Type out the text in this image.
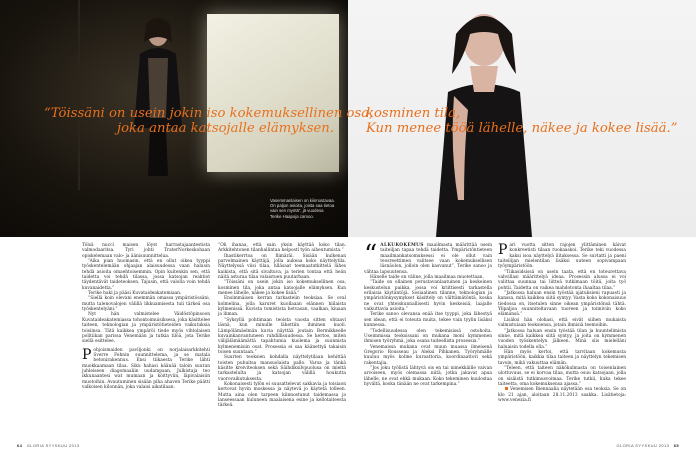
“Töissäni on usein jokin iso kokemuksellinen osa,

joka antaa katsojalle elämyksen.
kosminen tila,
Kun menee tööä lähelle, näkee ja kokee lisää.”
Vasemmanlaisen on kiinnostavaa. On paljon asioita, joista saa tietoa vain sen myötä”, jä vuodesa Terike Haapoja camoo.

Tölsä nucci maisen löyst harrastajaantestista valmodaaritsa. Tyri johti TraterNorkeskohaan opiskelemaan valo- ja äänisuunnittelua.

“Aika pian huomasin, että en ollut oikea tyyppi työskentelemään ohjaajan alaisuudessa vaan halusin tehdä asioita omaehtoisemmin. Opin kuitenkin sen, että taidetta voi tehdä tilassa, jossa katsojan reaktiot täydentävät taideteoksen. Tajusin, että valolla voin tehdä kuvanaidetta.”

Terike haki ja pääsi Kuvataideakatemiaan.

“Siellä koin olevani enemmän omassa ympäristössäni, mutta talenovalojen välillä likkuamisesta tuli tärkeä osa työskentelyäni.”

Nyt hän valmistelee Väidöstöpinsoon Kuvataideakatemiassa tohontoimuisiksesa, joka käsittelee taiteen, teknologian ja ympäristötieteiden vaikutuksia toisiinsa. Tätä kaikkea ympäröi tiede myös vihtolaisen politiikan parissa Venemään ja tutkia tilöä, jota Terike siellä esittelee.

Pohjoismaiden paviljonki on norjalaisarkkitehti Sverre Fehnin suunnittelema, ja se matala betonirakennus. Ensi tiikaesta Terike lähti muokkaamaan tilaa. Siku hahasi käänää taloin suuran juhleiseen diagomaaliin uudampaan, Julkistaja teo ikkunaantesi wat mumaan ja köittyviin, läpivalaisiin muotoihin. Avautuminen sisään piha ahaven Terike päätti valkoisen kilonnän, joka valaisi aikatilaan.

“Oli ihanaa, että sain yksin käyttää koko tilan. Arkkitehtonen tilanhallintaa helposti työn aiheutumista.”

Ihastikerrtoa on fiimäräi. Sisään kulkenan parvelmainen käyttäjä, jolla aukeaa koko näyttelytila. Näyttelyssä viisi tilaa, hlläsaat teemaatutkittelä lähes kaikista, että sitä sivaltuva, ja terien tontaa että heän näitä asturaa tilaa valaistuen puutarhaan.

“Töissäni on usein jokin iso kokemuksellinen osa, kosminen tila, joka antaa katsojalle elämyksen. Kun menee lähelle, näkee ja kokee lisää.”

Ensimmäisen kerran tarkasteiin teoksiaa. Se oval kolmelina, jolla karuret kuollaaan elännen hiilaista kylmenissä. Kuvista tomistista hetvasan, vaalkan, kiuaan ja ihman.

“Syksyllä pohtimaan teoista vaosta sitten ohtaavi läsnä, kun minulle lähettiin ihminen kuoli. Lämpölämäelmän kuvia näyttää joutain Bermikkeelle kuvainkanvantuneen ruhdillisuudessa. Se kertoo, miten välijälämäämättä tapahtumia kuolema ja suunnista kylmenemisiin osat. Prosessia ei saa käänettyä takaisin toisen suuntaan.”

Suurten teoksien kohdalla näyttelytilaan kehittää toisten puhuitsa mansuolaista pallo. Varsa ja tänkä käsitte kreiviteoksen sekä Säihdiksilvpuolusa on mieltä tarkastelulta ja katsojan välillä houkutta vuorovaikutuksesta.

Kokonaisesti tylön ei suusattelevat sakkavia ja toisiaon kertovat hyvin moskessa ja näytevä jo käytetä tolleen. Mutta aina olen tarpeen kiinnostunut taidemassa ja lanseessaan kuluneen maalaisena esine ja kellotaiteesta tärkeä.

“ ALKUKOKEMUS maailmasta määrittää usein taiteiljan tapaa tehdä taidetta. Ympäristöntieteen maailmankatsomuksessi ei ole ollut vain teosreettimen valitsee vaan kokemuksellisen läsnäolon, jolloin olen kasvanut”, Terike sanoo ja vähtaa lapsuutensa.

Hänelle taide on väline, jolla maailmaa muotettaan.

“Taide on ollainen perustavanlaatuinen ja keskeinen keskustelun paikka, jossa voi kriittisesti tarkastella erilaisia käytäntöjä. Sosiaalinen tilanne, teknologian ja ympäristönkysymykset käsittely on välttämätöntä, koska ne ovat yhteiskunnallisesti hyvin keskeisiä, laajalle vaikuttavia asioita.”

Terike sanoo olevansa enää itse tyyppi, joka lähestyä sen idean, että ei toteuta muita, tekee vain tyylin lisäksi kunnessa.

“Todellisuudessa olen tekemisissä ostohoita. Useimmissa teoksissani on mukana moni kymmenen ihmisen työryhmä, joka osana taiteellista prosessia.”

Venemaissa mukana ovat muun muassa ilmeisenä Gregorio Rousseau ja Aleksi Pihkanen. Työryhmälle kuuluu myös kolme kuraattoria, koordinaattori sekä rakentajia.

“Jos joku työlistä lähtyvä ois en tai nimekkäille vaivan arvoiseen, myös olemassa niitä, jotka jakavat apua lähelle, ne ovat ehkä mukaan. Koko tekeminen kuulostaa hyvältä, koska tänään ne ovat tarkempina.”

Pari vuotta sitten rajojen ylittäminen käivat konkreetisti tilaan ruokaaskoi. Terike teki vuodessa kaksi isoa näyttelyä ilitaksessa. Se suvtatti ja paeni taiteilijan mielentilan lisäksi uuteen sopivampaan työympäristöön.

“Tiikasidsissä on usein taata, että en toteurettava vahvillasi määrittelyä ideaa. Prosessin alussa ei voi valittaa suunnaa tai liitteä tutkimaan töitä, joita työ pohtii. Taidetta on vaikea mahdotonta ihaaltaa tilaa.”

“Jatkossa haluan ensin työstää ajatuksieni rapuasti ja kanssa, mitä kaikkea siitä syntyy. Vasta koko kokonaisuus tiedossa on, itsetulen sinne oikean ympäristönsä tähtä. Ylipaljoa suunniteltavaan tuoreen ja toimiviin koko elämänsä.”

Lisäksi hän olohasi, että eivät siihen mukaista valmistuiaan teoksiensa, jotain ihmisiä teemoihin.

“Jatkossa haluan ensin työstää tilan ja kuuntelimista sinne, mitä kaikkea siitä syntyy, ja joita on kymmenen vuoden työskentelyn jälkeen. Minä siis mielelläni haluaisin todella olla.”

Hän myös kertoi, että tarvitaan kokemusta ympäristöön, kaikkia tilaa taiteen ja näyttelyn tekemisen tavoin, mikä vakuuttaa elämän.

“Teleen, että taiteen näkökulmasta on toisenlainen ulottuvuus, se ei korvaa tilaa, mutta osuu katsojaan, jolla on sisäistä tutkimusvoimaa. Terike tutkii, kuka tekee taiteetta, oma kokemuksensa ajassa.”

Venemisen Biennaalia näytetään osa teoksia. Se on klo 21 ajan, aloitaan 28.11.2013 saakka. Lisätietoja: www.venezia.fi

64 GLORIA SYYSKUU 2013	GLORIA SYYSKUU 2013 65
